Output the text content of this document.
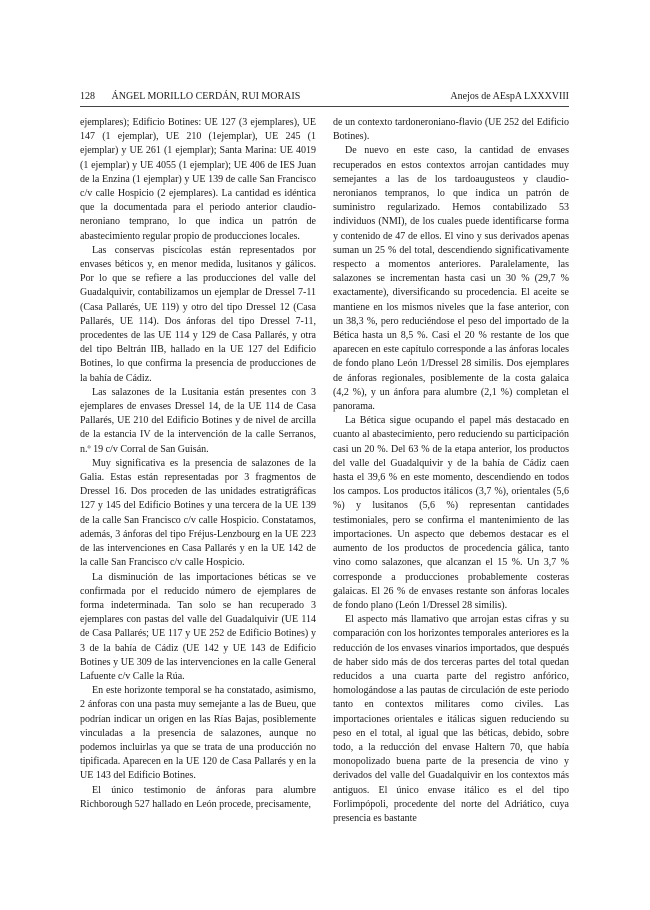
128 ÁNGEL MORILLO CERDÁN, RUI MORAIS	Anejos de AEspA LXXXVIII

ejemplares); Edificio Botines: UE 127 (3 ejemplares), UE 147 (1 ejemplar), UE 210 (1ejemplar), UE 245 (1 ejemplar) y UE 261 (1 ejemplar); Santa Marina: UE 4019 (1 ejemplar) y UE 4055 (1 ejemplar); UE 406 de IES Juan de la Enzina (1 ejemplar) y UE 139 de calle San Francisco c/v calle Hospicio (2 ejemplares). La cantidad es idéntica que la documentada para el periodo anterior claudio-neroniano temprano, lo que indica un patrón de abastecimiento regular propio de producciones locales.

Las conservas piscícolas están representados por envases béticos y, en menor medida, lusitanos y gálicos. Por lo que se refiere a las producciones del valle del Guadalquivir, contabilizamos un ejemplar de Dressel 7-11 (Casa Pallarés, UE 119) y otro del tipo Dressel 12 (Casa Pallarés, UE 114). Dos ánforas del tipo Dressel 7-11, procedentes de las UE 114 y 129 de Casa Pallarés, y otra del tipo Beltrán IIB, hallado en la UE 127 del Edificio Botines, lo que confirma la presencia de producciones de la bahía de Cádiz.

Las salazones de la Lusitania están presentes con 3 ejemplares de envases Dressel 14, de la UE 114 de Casa Pallarés, UE 210 del Edificio Botines y de nivel de arcilla de la estancia IV de la intervención de la calle Serranos, n.º 19 c/v Corral de San Guisán.

Muy significativa es la presencia de salazones de la Galia. Estas están representadas por 3 fragmentos de Dressel 16. Dos proceden de las unidades estratigráficas 127 y 145 del Edificio Botines y una tercera de la UE 139 de la calle San Francisco c/v calle Hospicio. Constatamos, además, 3 ánforas del tipo Fréjus-Lenzbourg en la UE 223 de las intervenciones en Casa Pallarés y en la UE 142 de la calle San Francisco c/v calle Hospicio.

La disminución de las importaciones béticas se ve confirmada por el reducido número de ejemplares de forma indeterminada. Tan solo se han recuperado 3 ejemplares con pastas del valle del Guadalquivir (UE 114 de Casa Pallarés; UE 117 y UE 252 de Edificio Botines) y 3 de la bahía de Cádiz (UE 142 y UE 143 de Edificio Botines y UE 309 de las intervenciones en la calle General Lafuente c/v Calle la Rúa.

En este horizonte temporal se ha constatado, asimismo, 2 ánforas con una pasta muy semejante a las de Bueu, que podrían indicar un origen en las Rías Bajas, posiblemente vinculadas a la presencia de salazones, aunque no podemos incluirlas ya que se trata de una producción no tipificada. Aparecen en la UE 120 de Casa Pallarés y en la UE 143 del Edificio Botines.

El único testimonio de ánforas para alumbre Richborough 527 hallado en León procede, precisamente,

de un contexto tardoneroniano-flavio (UE 252 del Edificio Botines).

De nuevo en este caso, la cantidad de envases recuperados en estos contextos arrojan cantidades muy semejantes a las de los tardoaugusteos y claudio-neronianos tempranos, lo que indica un patrón de suministro regularizado. Hemos contabilizado 53 individuos (NMI), de los cuales puede identificarse forma y contenido de 47 de ellos. El vino y sus derivados apenas suman un 25 % del total, descendiendo significativamente respecto a momentos anteriores. Paralelamente, las salazones se incrementan hasta casi un 30 % (29,7 % exactamente), diversificando su procedencia. El aceite se mantiene en los mismos niveles que la fase anterior, con un 38,3 %, pero reduciéndose el peso del importado de la Bética hasta un 8,5 %. Casi el 20 % restante de los que aparecen en este capítulo corresponde a las ánforas locales de fondo plano León 1/Dressel 28 similis. Dos ejemplares de ánforas regionales, posiblemente de la costa galaica (4,2 %), y un ánfora para alumbre (2,1 %) completan el panorama.

La Bética sigue ocupando el papel más destacado en cuanto al abastecimiento, pero reduciendo su participación casi un 20 %. Del 63 % de la etapa anterior, los productos del valle del Guadalquivir y de la bahía de Cádiz caen hasta el 39,6 % en este momento, descendiendo en todos los campos. Los productos itálicos (3,7 %), orientales (5,6 %) y lusitanos (5,6 %) representan cantidades testimoniales, pero se confirma el mantenimiento de las importaciones. Un aspecto que debemos destacar es el aumento de los productos de procedencia gálica, tanto vino como salazones, que alcanzan el 15 %. Un 3,7 % corresponde a producciones probablemente costeras galaicas. El 26 % de envases restante son ánforas locales de fondo plano (León 1/Dressel 28 similis).

El aspecto más llamativo que arrojan estas cifras y su comparación con los horizontes temporales anteriores es la reducción de los envases vinarios importados, que después de haber sido más de dos terceras partes del total quedan reducidos a una cuarta parte del registro anfórico, homologándose a las pautas de circulación de este periodo tanto en contextos militares como civiles. Las importaciones orientales e itálicas siguen reduciendo su peso en el total, al igual que las béticas, debido, sobre todo, a la reducción del envase Haltern 70, que había monopolizado buena parte de la presencia de vino y derivados del valle del Guadalquivir en los contextos más antiguos. El único envase itálico es el del tipo Forlimpópoli, procedente del norte del Adriático, cuya presencia es bastante
